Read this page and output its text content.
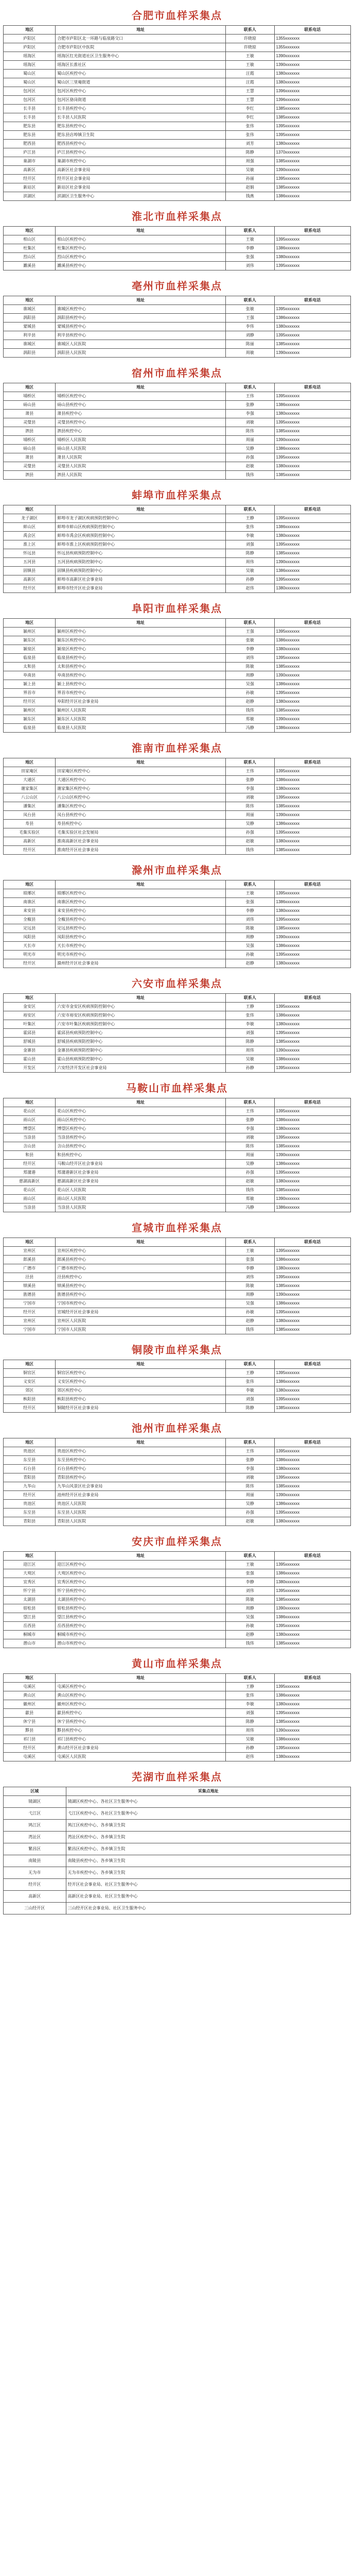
合肥市血样采集点
地区	地址	联系人	联系电话
庐阳区	合肥市庐阳区北一环路与临泉路交口	许晓琼	1355xxxxxxx
庐阳区	合肥市庐阳区中医院	许晓琼	1355xxxxxxx
瑶海区	瑶海区红光街道社区卫生服务中心	王敏	1390xxxxxxx
瑶海区	瑶海区长淮社区	王敏	1390xxxxxxx
蜀山区	蜀山区疾控中心	汪霞	1380xxxxxxx
蜀山区	蜀山区三里庵街道	汪霞	1380xxxxxxx
包河区	包河区疾控中心	王慧	1396xxxxxxx
包河区	包河区骆岗街道	王慧	1396xxxxxxx
长丰县	长丰县疾控中心	李红	1385xxxxxxx
长丰县	长丰县人民医院	李红	1385xxxxxxx
肥东县	肥东县疾控中心	张伟	1395xxxxxxx
肥东县	肥东县店埠镇卫生院	张伟	1395xxxxxxx
肥西县	肥西县疾控中心	刘芳	1380xxxxxxx
庐江县	庐江县疾控中心	陈静	1370xxxxxxx
巢湖市	巢湖市疾控中心	周强	1385xxxxxxx
高新区	高新区社会事业局	吴敏	1390xxxxxxx
经开区	经开区社会事业局	孙丽	1395xxxxxxx
新站区	新站区社会事业局	赵娟	1385xxxxxxx
滨湖区	滨湖区卫生服务中心	钱燕	1386xxxxxxx
淮北市血样采集点
地区	地址	联系人	联系电话
相山区	相山区疾控中心	王敏	1395xxxxxxx
杜集区	杜集区疾控中心	李静	1386xxxxxxx
烈山区	烈山区疾控中心	张强	1380xxxxxxx
濉溪县	濉溪县疾控中心	刘伟	1395xxxxxxx
亳州市血样采集点
地区	地址	联系人	联系电话
谯城区	谯城区疾控中心	张敏	1395xxxxxxx
涡阳县	涡阳县疾控中心	王强	1386xxxxxxx
蒙城县	蒙城县疾控中心	李伟	1380xxxxxxx
利辛县	利辛县疾控中心	刘静	1395xxxxxxx
谯城区	谯城区人民医院	陈丽	1385xxxxxxx
涡阳县	涡阳县人民医院	周敏	1390xxxxxxx
宿州市血样采集点
地区	地址	联系人	联系电话
埇桥区	埇桥区疾控中心	王伟	1395xxxxxxx
砀山县	砀山县疾控中心	张静	1386xxxxxxx
萧县	萧县疾控中心	李强	1380xxxxxxx
灵璧县	灵璧县疾控中心	刘敏	1395xxxxxxx
泗县	泗县疾控中心	陈伟	1385xxxxxxx
埇桥区	埇桥区人民医院	周丽	1390xxxxxxx
砀山县	砀山县人民医院	吴静	1386xxxxxxx
萧县	萧县人民医院	孙强	1395xxxxxxx
灵璧县	灵璧县人民医院	赵敏	1380xxxxxxx
泗县	泗县人民医院	钱伟	1385xxxxxxx
蚌埠市血样采集点
地区	地址	联系人	联系电话
龙子湖区	蚌埠市龙子湖区疾病预防控制中心	王静	1395xxxxxxx
蚌山区	蚌埠市蚌山区疾病预防控制中心	张伟	1386xxxxxxx
禹会区	蚌埠市禹会区疾病预防控制中心	李敏	1380xxxxxxx
淮上区	蚌埠市淮上区疾病预防控制中心	刘强	1395xxxxxxx
怀远县	怀远县疾病预防控制中心	陈静	1385xxxxxxx
五河县	五河县疾病预防控制中心	周伟	1390xxxxxxx
固镇县	固镇县疾病预防控制中心	吴敏	1386xxxxxxx
高新区	蚌埠市高新区社会事业局	孙静	1395xxxxxxx
经开区	蚌埠市经开区社会事业局	赵伟	1380xxxxxxx
阜阳市血样采集点
地区	地址	联系人	联系电话
颍州区	颍州区疾控中心	王强	1395xxxxxxx
颍东区	颍东区疾控中心	张敏	1386xxxxxxx
颍泉区	颍泉区疾控中心	李静	1380xxxxxxx
临泉县	临泉县疾控中心	刘伟	1395xxxxxxx
太和县	太和县疾控中心	陈敏	1385xxxxxxx
阜南县	阜南县疾控中心	周静	1390xxxxxxx
颍上县	颍上县疾控中心	吴强	1386xxxxxxx
界首市	界首市疾控中心	孙敏	1395xxxxxxx
经开区	阜阳经开区社会事业局	赵静	1380xxxxxxx
颍州区	颍州区人民医院	钱伟	1385xxxxxxx
颍东区	颍东区人民医院	郑敏	1390xxxxxxx
临泉县	临泉县人民医院	冯静	1386xxxxxxx
淮南市血样采集点
地区	地址	联系人	联系电话
田家庵区	田家庵区疾控中心	王伟	1395xxxxxxx
大通区	大通区疾控中心	张静	1386xxxxxxx
谢家集区	谢家集区疾控中心	李强	1380xxxxxxx
八公山区	八公山区疾控中心	刘敏	1395xxxxxxx
潘集区	潘集区疾控中心	陈伟	1385xxxxxxx
凤台县	凤台县疾控中心	周丽	1390xxxxxxx
寿县	寿县疾控中心	吴静	1386xxxxxxx
毛集实验区	毛集实验区社会发展局	孙强	1395xxxxxxx
高新区	淮南高新区社会事业局	赵敏	1380xxxxxxx
经开区	淮南经开区社会事业局	钱伟	1385xxxxxxx
滁州市血样采集点
地区	地址	联系人	联系电话
琅琊区	琅琊区疾控中心	王敏	1395xxxxxxx
南谯区	南谯区疾控中心	张强	1386xxxxxxx
来安县	来安县疾控中心	李静	1380xxxxxxx
全椒县	全椒县疾控中心	刘伟	1395xxxxxxx
定远县	定远县疾控中心	陈敏	1385xxxxxxx
凤阳县	凤阳县疾控中心	周静	1390xxxxxxx
天长市	天长市疾控中心	吴强	1386xxxxxxx
明光市	明光市疾控中心	孙敏	1395xxxxxxx
经开区	滁州经开区社会事业局	赵静	1380xxxxxxx
六安市血样采集点
地区	地址	联系人	联系电话
金安区	六安市金安区疾病预防控制中心	王静	1395xxxxxxx
裕安区	六安市裕安区疾病预防控制中心	张伟	1386xxxxxxx
叶集区	六安市叶集区疾病预防控制中心	李敏	1380xxxxxxx
霍邱县	霍邱县疾病预防控制中心	刘强	1395xxxxxxx
舒城县	舒城县疾病预防控制中心	陈静	1385xxxxxxx
金寨县	金寨县疾病预防控制中心	周伟	1390xxxxxxx
霍山县	霍山县疾病预防控制中心	吴敏	1386xxxxxxx
开发区	六安经济开发区社会事业局	孙静	1395xxxxxxx
马鞍山市血样采集点
地区	地址	联系人	联系电话
花山区	花山区疾控中心	王伟	1395xxxxxxx
雨山区	雨山区疾控中心	张静	1386xxxxxxx
博望区	博望区疾控中心	李强	1380xxxxxxx
当涂县	当涂县疾控中心	刘敏	1395xxxxxxx
含山县	含山县疾控中心	陈伟	1385xxxxxxx
和县	和县疾控中心	周丽	1390xxxxxxx
经开区	马鞍山经开区社会事业局	吴静	1386xxxxxxx
郑蒲港	郑蒲港新区社会事业局	孙强	1395xxxxxxx
慈湖高新区	慈湖高新区社会事业局	赵敏	1380xxxxxxx
花山区	花山区人民医院	钱伟	1385xxxxxxx
雨山区	雨山区人民医院	郑敏	1390xxxxxxx
当涂县	当涂县人民医院	冯静	1386xxxxxxx
宣城市血样采集点
地区	地址	联系人	联系电话
宣州区	宣州区疾控中心	王敏	1395xxxxxxx
郎溪县	郎溪县疾控中心	张强	1386xxxxxxx
广德市	广德市疾控中心	李静	1380xxxxxxx
泾县	泾县疾控中心	刘伟	1395xxxxxxx
绩溪县	绩溪县疾控中心	陈敏	1385xxxxxxx
旌德县	旌德县疾控中心	周静	1390xxxxxxx
宁国市	宁国市疾控中心	吴强	1386xxxxxxx
经开区	宣城经开区社会事业局	孙敏	1395xxxxxxx
宣州区	宣州区人民医院	赵静	1380xxxxxxx
宁国市	宁国市人民医院	钱伟	1385xxxxxxx
铜陵市血样采集点
地区	地址	联系人	联系电话
铜官区	铜官区疾控中心	王静	1395xxxxxxx
义安区	义安区疾控中心	张伟	1386xxxxxxx
郊区	郊区疾控中心	李敏	1380xxxxxxx
枞阳县	枞阳县疾控中心	刘强	1395xxxxxxx
经开区	铜陵经开区社会事业局	陈静	1385xxxxxxx
池州市血样采集点
地区	地址	联系人	联系电话
贵池区	贵池区疾控中心	王伟	1395xxxxxxx
东至县	东至县疾控中心	张静	1386xxxxxxx
石台县	石台县疾控中心	李强	1380xxxxxxx
青阳县	青阳县疾控中心	刘敏	1395xxxxxxx
九华山	九华山风景区社会事业局	陈伟	1385xxxxxxx
经开区	池州经开区社会事业局	周丽	1390xxxxxxx
贵池区	贵池区人民医院	吴静	1386xxxxxxx
东至县	东至县人民医院	孙强	1395xxxxxxx
青阳县	青阳县人民医院	赵敏	1380xxxxxxx
安庆市血样采集点
地区	地址	联系人	联系电话
迎江区	迎江区疾控中心	王敏	1395xxxxxxx
大观区	大观区疾控中心	张强	1386xxxxxxx
宜秀区	宜秀区疾控中心	李静	1380xxxxxxx
怀宁县	怀宁县疾控中心	刘伟	1395xxxxxxx
太湖县	太湖县疾控中心	陈敏	1385xxxxxxx
宿松县	宿松县疾控中心	周静	1390xxxxxxx
望江县	望江县疾控中心	吴强	1386xxxxxxx
岳西县	岳西县疾控中心	孙敏	1395xxxxxxx
桐城市	桐城市疾控中心	赵静	1380xxxxxxx
潜山市	潜山市疾控中心	钱伟	1385xxxxxxx
黄山市血样采集点
地区	地址	联系人	联系电话
屯溪区	屯溪区疾控中心	王静	1395xxxxxxx
黄山区	黄山区疾控中心	张伟	1386xxxxxxx
徽州区	徽州区疾控中心	李敏	1380xxxxxxx
歙县	歙县疾控中心	刘强	1395xxxxxxx
休宁县	休宁县疾控中心	陈静	1385xxxxxxx
黟县	黟县疾控中心	周伟	1390xxxxxxx
祁门县	祁门县疾控中心	吴敏	1386xxxxxxx
经开区	黄山经开区社会事业局	孙静	1395xxxxxxx
屯溪区	屯溪区人民医院	赵伟	1380xxxxxxx
芜湖市血样采集点
区域	采集点地址
镜湖区	镜湖区疾控中心、各社区卫生服务中心
弋江区	弋江区疾控中心、各社区卫生服务中心
鸠江区	鸠江区疾控中心、各乡镇卫生院
湾沚区	湾沚区疾控中心、各乡镇卫生院
繁昌区	繁昌区疾控中心、各乡镇卫生院
南陵县	南陵县疾控中心、各乡镇卫生院
无为市	无为市疾控中心、各乡镇卫生院
经开区	经开区社会事业局、社区卫生服务中心
高新区	高新区社会事业局、社区卫生服务中心
三山经开区	三山经开区社会事业局、社区卫生服务中心
